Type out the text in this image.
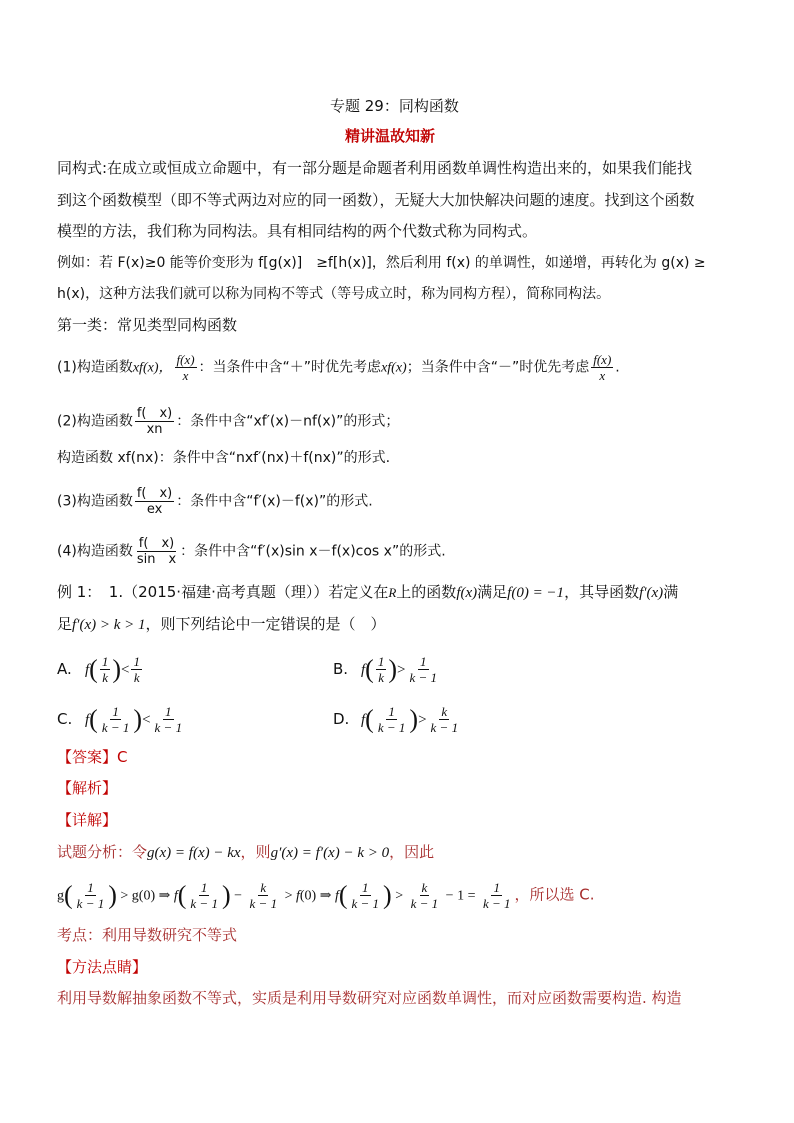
专题 29：同构函数
精讲温故知新
同构式:在成立或恒成立命题中，有一部分题是命题者利用函数单调性构造出来的，如果我们能找
到这个函数模型（即不等式两边对应的同一函数），无疑大大加快解决问题的速度。找到这个函数
模型的方法，我们称为同构法。具有相同结构的两个代数式称为同构式。
例如：若 F(x)≥0 能等价变形为 f[g(x)]　≥f[h(x)]，然后利用 f(x) 的单调性，如递增，再转化为 g(x) ≥
h(x)，这种方法我们就可以称为同构不等式（等号成立时，称为同构方程），简称同构法。
第一类：常见类型同构函数
(1)构造函数xf(x)， $\frac{f(x)}{x}$ ：当条件中含“＋”时优先考虑xf(x)；当条件中含“－”时优先考虑 $\frac{f(x)}{x}$ .
(2)构造函数 $\frac{f( x)}{xn}$ ：条件中含“xf′(x)－nf(x)”的形式；
构造函数 xf(nx)：条件中含“nxf′(nx)＋f(nx)”的形式.
(3)构造函数 $\frac{f( x)}{ex}$ ：条件中含“f′(x)－f(x)”的形式.
(4)构造函数 $\frac{f( x)}{\text{sin　x}}$ ：条件中含“f′(x)sin x－f(x)cos x”的形式.
例 1：　1.（2015·福建·高考真题（理））若定义在R上的函数f(x)满足f(0) = −1，其导函数f′(x)满
足f′(x) > k > 1，则下列结论中一定错误的是（　）
A. $f( \frac{1}{k}$ )< $\frac{1}{k}$	B. $f( \frac{1}{k}$ )> $\frac{1}{k - 1}$
C. $f( \frac{1}{k - 1}$ )< $\frac{1}{k - 1}$	D. $f( \frac{1}{k - 1}$ )> $\frac{k}{k - 1}$
【答案】C
【解析】
【详解】
试题分析：令g(x) = f(x) − kx，则g′(x) = f′(x) − k > 0，因此
$g( \frac{1}{k - 1}$ ) > g(0) ⇒ $f( \frac{1}{k - 1}$ ) − $\frac{k}{k - 1} > f(0)$ ⇒ $f( \frac{1}{k - 1}$ ) > $\frac{k}{k - 1} - 1 = \frac{1}{k - 1}$ ，所以选 C.
考点：利用导数研究不等式
【方法点睛】
利用导数解抽象函数不等式，实质是利用导数研究对应函数单调性，而对应函数需要构造. 构造
